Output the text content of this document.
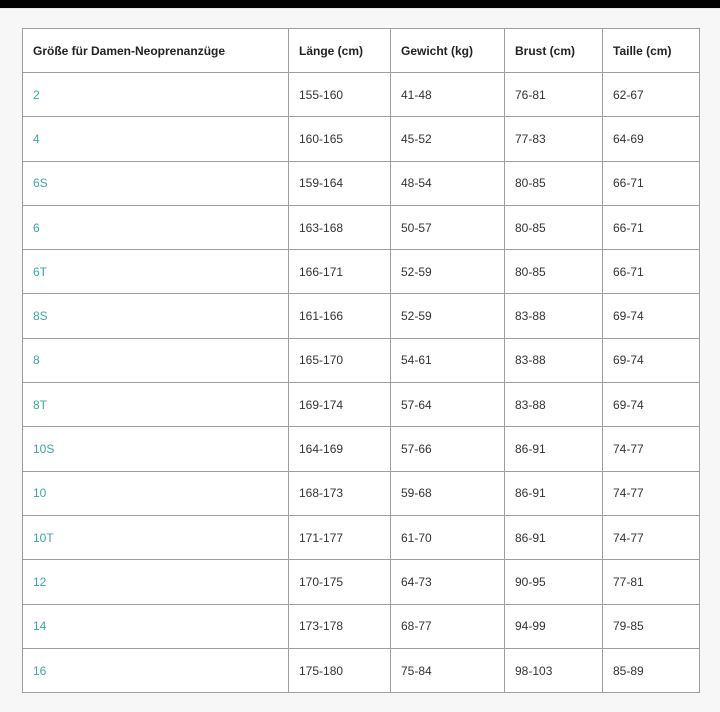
Größe für Damen-Neoprenanzüge	Länge (cm)	Gewicht (kg)	Brust (cm)	Taille (cm)
2	155-160	41-48	76-81	62-67
4	160-165	45-52	77-83	64-69
6S	159-164	48-54	80-85	66-71
6	163-168	50-57	80-85	66-71
6T	166-171	52-59	80-85	66-71
8S	161-166	52-59	83-88	69-74
8	165-170	54-61	83-88	69-74
8T	169-174	57-64	83-88	69-74
10S	164-169	57-66	86-91	74-77
10	168-173	59-68	86-91	74-77
10T	171-177	61-70	86-91	74-77
12	170-175	64-73	90-95	77-81
14	173-178	68-77	94-99	79-85
16	175-180	75-84	98-103	85-89
